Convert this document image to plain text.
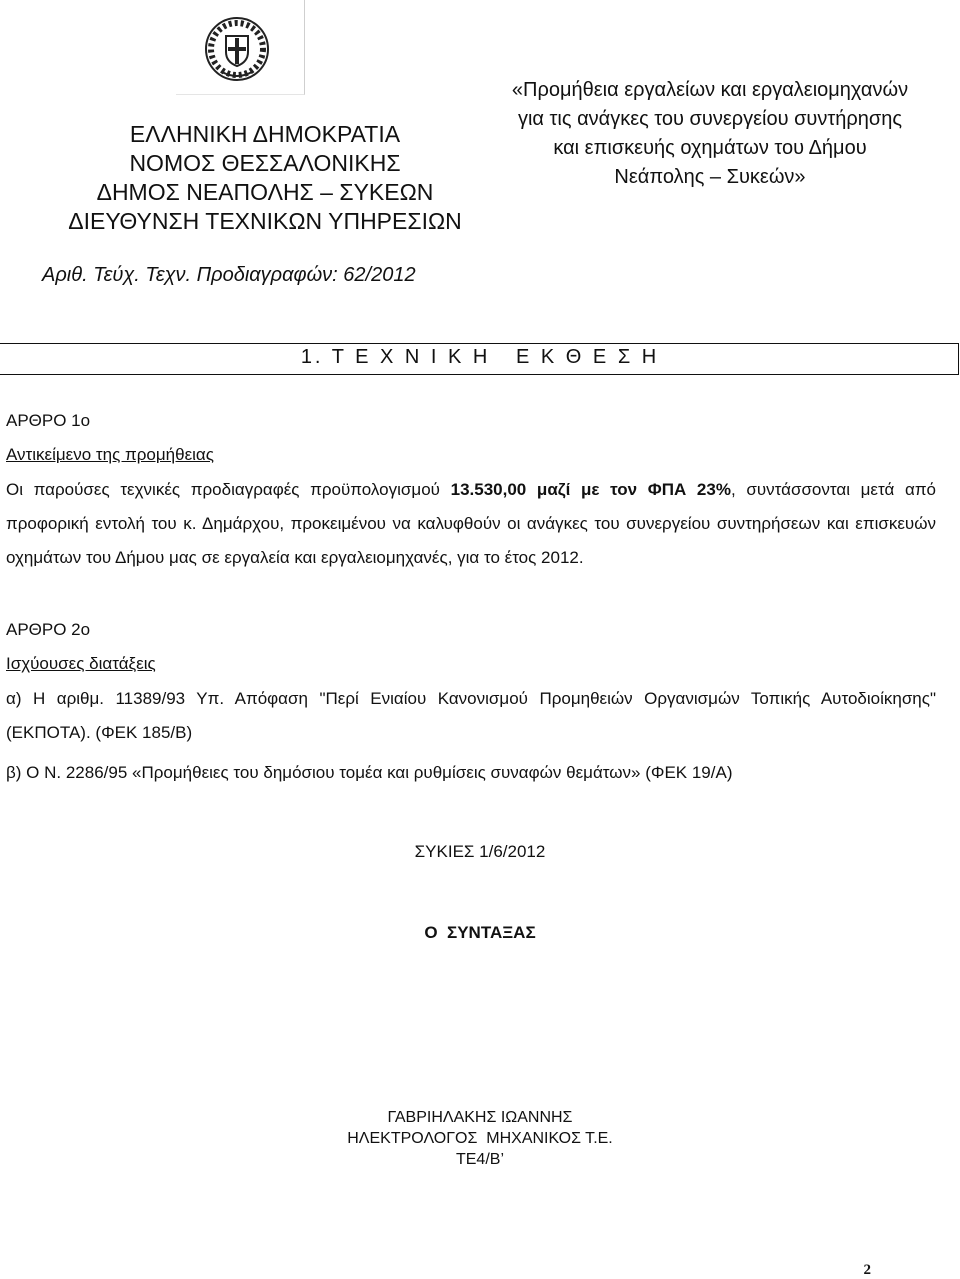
ΕΛΛΗΝΙΚΗ ΔΗΜΟΚΡΑΤΙΑ
ΝΟΜΟΣ ΘΕΣΣΑΛΟΝΙΚΗΣ
ΔΗΜΟΣ ΝΕΑΠΟΛΗΣ – ΣΥΚΕΩΝ
ΔΙΕΥΘΥΝΣΗ ΤΕΧΝΙΚΩΝ ΥΠΗΡΕΣΙΩΝ
«Προμήθεια εργαλείων και εργαλειομηχανών
για τις ανάγκες του συνεργείου συντήρησης
και επισκευής οχημάτων του Δήμου
Νεάπολης – Συκεών»
Αριθ. Τεύχ. Τεχν. Προδιαγραφών: 62/2012
1. Τ Ε Χ Ν Ι Κ Η   Ε Κ Θ Ε Σ Η
ΑΡΘΡΟ 1ο
Αντικείμενο της προμήθειας

Οι παρούσες τεχνικές προδιαγραφές προϋπολογισμού 13.530,00 μαζί με τον ΦΠΑ 23%, συντάσσονται μετά από προφορική εντολή του κ. Δημάρχου, προκειμένου να καλυφθούν οι ανάγκες του συνεργείου συντηρήσεων και επισκευών οχημάτων του Δήμου μας σε εργαλεία και εργαλειομηχανές, για το έτος 2012.

ΑΡΘΡΟ 2ο
Ισχύουσες διατάξεις

α) Η αριθμ. 11389/93 Υπ. Απόφαση "Περί Ενιαίου Κανονισμού Προμηθειών Οργανισμών Τοπικής Αυτοδιοίκησης" (ΕΚΠΟΤΑ). (ΦΕΚ 185/Β)

β) Ο Ν. 2286/95 «Προμήθειες του δημόσιου τομέα και ρυθμίσεις συναφών θεμάτων» (ΦΕΚ 19/Α)

ΣΥΚΙΕΣ 1/6/2012
Ο  ΣΥΝΤΑΞΑΣ
ΓΑΒΡΙΗΛΑΚΗΣ ΙΩΑΝΝΗΣ
ΗΛΕΚΤΡΟΛΟΓΟΣ  ΜΗΧΑΝΙΚΟΣ Τ.Ε.
ΤΕ4/Β’
2
